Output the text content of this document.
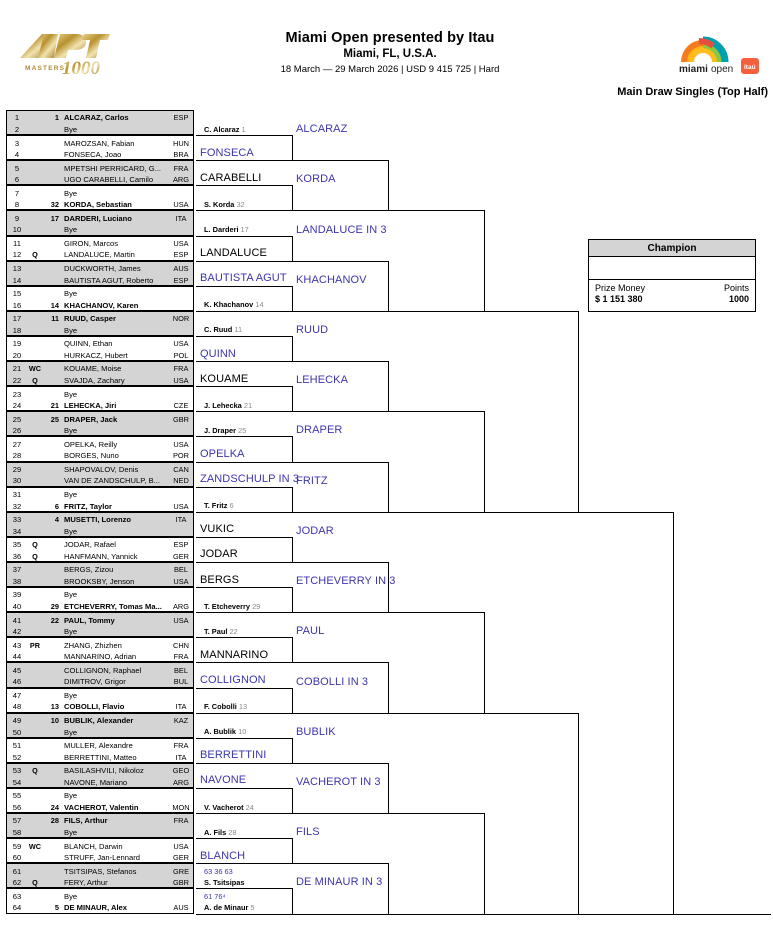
MASTERS
1000
Miami Open presented by Itau
Miami, FL, U.S.A.
18 March — 29 March 2026 | USD 9 415 725 | Hard	miami open itaú
Main Draw Singles (Top Half)
1	1 ALCARAZ, Carlos	ESP
2	Bye
3	MAROZSAN, Fabian	HUN
4	FONSECA, Joao	BRA
5	MPETSHI PERRICARD, G...	FRA
6	UGO CARABELLI, Camilo	ARG
7	Bye
8	32 KORDA, Sebastian	USA
9	17 DARDERI, Luciano	ITA
10	Bye
11	GIRON, Marcos	USA
12	Q	LANDALUCE, Martin	ESP
13	DUCKWORTH, James	AUS
14	BAUTISTA AGUT, Roberto	ESP
15	Bye
16	14 KHACHANOV, Karen
17	11 RUUD, Casper	NOR
18	Bye
19	QUINN, Ethan	USA
20	HURKACZ, Hubert	POL
21	WC	KOUAME, Moise	FRA
22	Q	SVAJDA, Zachary	USA
23	Bye
24	21 LEHECKA, Jiri	CZE
25	25 DRAPER, Jack	GBR
26	Bye
27	OPELKA, Reilly	USA
28	BORGES, Nuno	POR
29	SHAPOVALOV, Denis	CAN
30	VAN DE ZANDSCHULP, B...	NED
31	Bye
32	6 FRITZ, Taylor	USA
33	4 MUSETTI, Lorenzo	ITA
34	Bye
35	Q	JODAR, Rafael	ESP
36	Q	HANFMANN, Yannick	GER
37	BERGS, Zizou	BEL
38	BROOKSBY, Jenson	USA
39	Bye
40	29 ETCHEVERRY, Tomas Ma...	ARG
41	22 PAUL, Tommy	USA
42	Bye
43	PR	ZHANG, Zhizhen	CHN
44	MANNARINO, Adrian	FRA
45	COLLIGNON, Raphael	BEL
46	DIMITROV, Grigor	BUL
47	Bye
48	13 COBOLLI, Flavio	ITA
49	10 BUBLIK, Alexander	KAZ
50	Bye
51	MULLER, Alexandre	FRA
52	BERRETTINI, Matteo	ITA
53	Q	BASILASHVILI, Nikoloz	GEO
54	NAVONE, Mariano	ARG
55	Bye
56	24 VACHEROT, Valentin	MON
57	28 FILS, Arthur	FRA
58	Bye
59	WC	BLANCH, Darwin	USA
60	STRUFF, Jan-Lennard	GER
61	TSITSIPAS, Stefanos	GRE
62	Q	FERY, Arthur	GBR
63	Bye
64	5 DE MINAUR, Alex	AUS
C. Alcaraz 1
FONSECA
CARABELLI
S. Korda 32
L. Darderi 17
LANDALUCE
BAUTISTA AGUT
K. Khachanov 14
C. Ruud 11
QUINN
KOUAME
J. Lehecka 21
J. Draper 25
OPELKA
ZANDSCHULP IN 3
T. Fritz 6
VUKIC
JODAR
BERGS
T. Etcheverry 29
T. Paul 22
MANNARINO
COLLIGNON
F. Cobolli 13
A. Bublik 10
BERRETTINI
NAVONE
V. Vacherot 24
A. Fils 28
BLANCH
S. Tsitsipas
A. de Minaur 5
63 36 63
61 76⁴
ALCARAZ
KORDA
LANDALUCE IN 3
KHACHANOV
RUUD
LEHECKA
DRAPER
FRITZ
JODAR
ETCHEVERRY IN 3
PAUL
COBOLLI IN 3
BUBLIK
VACHEROT IN 3
FILS
DE MINAUR IN 3
Champion
Prize Money
$ 1 151 380
Points
1000
